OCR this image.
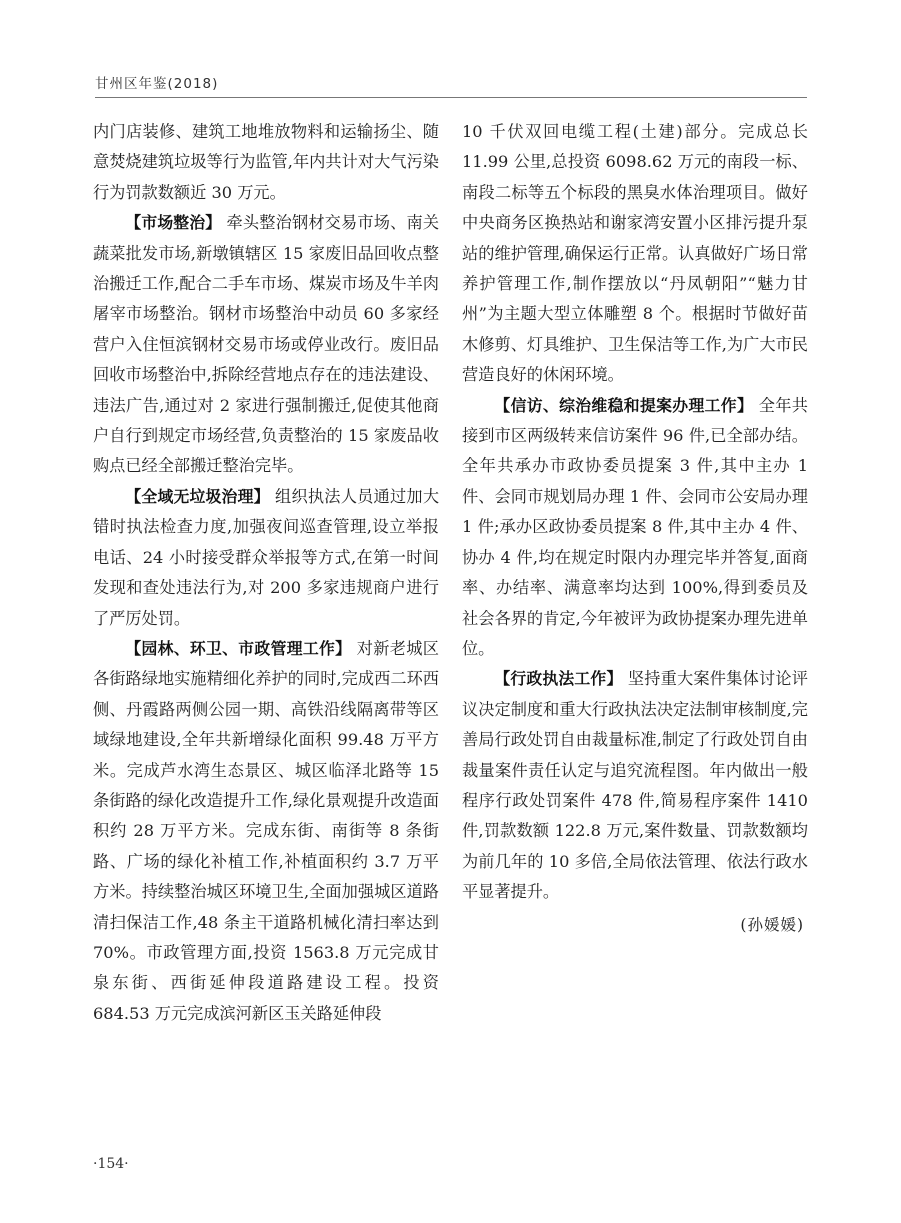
甘州区年鉴(2018)

内门店装修、建筑工地堆放物料和运输扬尘、随意焚烧建筑垃圾等行为监管,年内共计对大气污染行为罚款数额近 30 万元。

【市场整治】 牵头整治钢材交易市场、南关蔬菜批发市场,新墩镇辖区 15 家废旧品回收点整治搬迁工作,配合二手车市场、煤炭市场及牛羊肉屠宰市场整治。钢材市场整治中动员 60 多家经营户入住恒滨钢材交易市场或停业改行。废旧品回收市场整治中,拆除经营地点存在的违法建设、违法广告,通过对 2 家进行强制搬迁,促使其他商户自行到规定市场经营,负责整治的 15 家废品收购点已经全部搬迁整治完毕。

【全域无垃圾治理】 组织执法人员通过加大错时执法检查力度,加强夜间巡查管理,设立举报电话、24 小时接受群众举报等方式,在第一时间发现和查处违法行为,对 200 多家违规商户进行了严厉处罚。

【园林、环卫、市政管理工作】 对新老城区各街路绿地实施精细化养护的同时,完成西二环西侧、丹霞路两侧公园一期、高铁沿线隔离带等区域绿地建设,全年共新增绿化面积 99.48 万平方米。完成芦水湾生态景区、城区临泽北路等 15 条街路的绿化改造提升工作,绿化景观提升改造面积约 28 万平方米。完成东街、南街等 8 条街路、广场的绿化补植工作,补植面积约 3.7 万平方米。持续整治城区环境卫生,全面加强城区道路清扫保洁工作,48 条主干道路机械化清扫率达到 70%。市政管理方面,投资 1563.8 万元完成甘泉东街、西街延伸段道路建设工程。投资 684.53 万元完成滨河新区玉关路延伸段

10 千伏双回电缆工程(土建)部分。完成总长 11.99 公里,总投资 6098.62 万元的南段一标、南段二标等五个标段的黑臭水体治理项目。做好中央商务区换热站和谢家湾安置小区排污提升泵站的维护管理,确保运行正常。认真做好广场日常养护管理工作,制作摆放以“丹凤朝阳”“魅力甘州”为主题大型立体雕塑 8 个。根据时节做好苗木修剪、灯具维护、卫生保洁等工作,为广大市民营造良好的休闲环境。

【信访、综治维稳和提案办理工作】 全年共接到市区两级转来信访案件 96 件,已全部办结。全年共承办市政协委员提案 3 件,其中主办 1 件、会同市规划局办理 1 件、会同市公安局办理 1 件;承办区政协委员提案 8 件,其中主办 4 件、协办 4 件,均在规定时限内办理完毕并答复,面商率、办结率、满意率均达到 100%,得到委员及社会各界的肯定,今年被评为政协提案办理先进单位。

【行政执法工作】 坚持重大案件集体讨论评议决定制度和重大行政执法决定法制审核制度,完善局行政处罚自由裁量标准,制定了行政处罚自由裁量案件责任认定与追究流程图。年内做出一般程序行政处罚案件 478 件,简易程序案件 1410 件,罚款数额 122.8 万元,案件数量、罚款数额均为前几年的 10 多倍,全局依法管理、依法行政水平显著提升。

(孙媛媛)
·154·
